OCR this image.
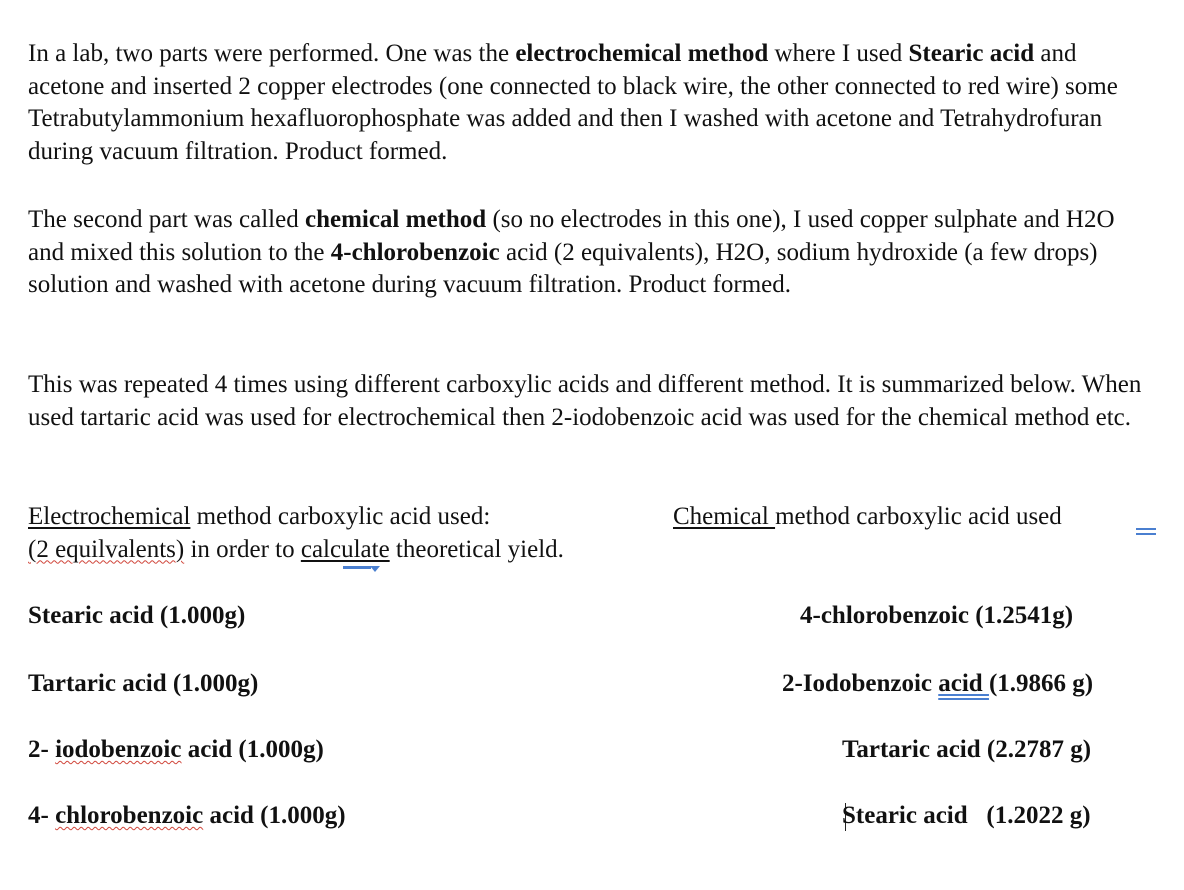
In a lab, two parts were performed. One was the electrochemical method where I used Stearic acid and acetone and inserted 2 copper electrodes (one connected to black wire, the other connected to red wire) some Tetrabutylammonium hexafluorophosphate was added and then I washed with acetone and Tetrahydrofuran during vacuum filtration. Product formed.

The second part was called chemical method (so no electrodes in this one), I used copper sulphate and H2O and mixed this solution to the 4-chlorobenzoic acid (2 equivalents), H2O, sodium hydroxide (a few drops) solution and washed with acetone during vacuum filtration. Product formed.

This was repeated 4 times using different carboxylic acids and different method. It is summarized below. When used tartaric acid was used for electrochemical then 2-iodobenzoic acid was used for the chemical method etc.

Electrochemical method carboxylic acid used:
(2 equilvalents) in order to calculate theoretical yield.
Chemical method carboxylic acid used
Stearic acid (1.000g)
Tartaric acid (1.000g)
2- iodobenzoic acid (1.000g)
4- chlorobenzoic acid (1.000g)
4-chlorobenzoic (1.2541g)
2-Iodobenzoic acid (1.9866 g)
Tartaric acid (2.2787 g)
Stearic acid   (1.2022 g)
